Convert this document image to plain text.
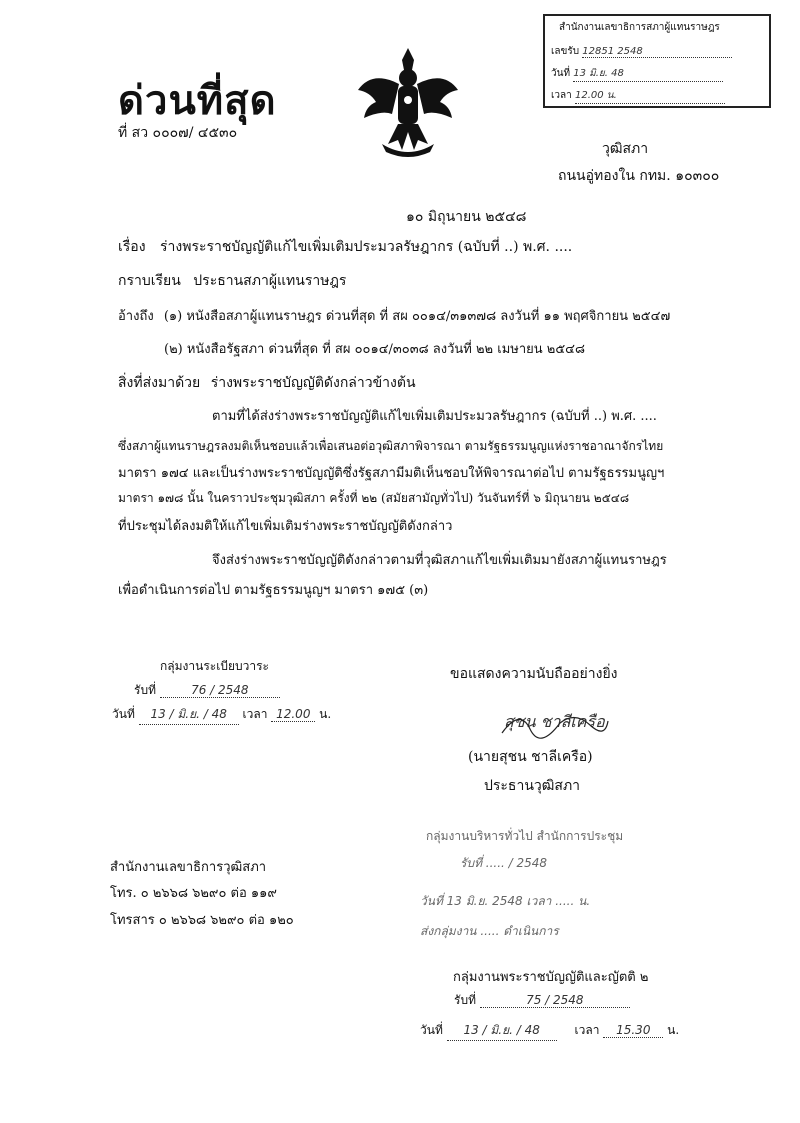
ด่วนที่สุด
ที่ สว ๐๐๐๗/ ๔๕๓๐
สำนักงานเลขาธิการสภาผู้แทนราษฎร
เลขรับ 12851 2548
วันที่ 13 มิ.ย. 48
เวลา 12.00 น.
วุฒิสภา
ถนนอู่ทองใน กทม. ๑๐๓๐๐
๑๐ มิถุนายน ๒๕๔๘
เรื่อง ร่างพระราชบัญญัติแก้ไขเพิ่มเติมประมวลรัษฎากร (ฉบับที่ ..) พ.ศ. ....
กราบเรียน ประธานสภาผู้แทนราษฎร
อ้างถึง (๑) หนังสือสภาผู้แทนราษฎร ด่วนที่สุด ที่ สผ ๐๐๑๔/๓๑๓๗๘ ลงวันที่ ๑๑ พฤศจิกายน ๒๕๔๗
(๒) หนังสือรัฐสภา ด่วนที่สุด ที่ สผ ๐๐๑๔/๓๐๓๘ ลงวันที่ ๒๒ เมษายน ๒๕๔๘
สิ่งที่ส่งมาด้วย ร่างพระราชบัญญัติดังกล่าวข้างต้น
ตามที่ได้ส่งร่างพระราชบัญญัติแก้ไขเพิ่มเติมประมวลรัษฎากร (ฉบับที่ ..) พ.ศ. ....
ซึ่งสภาผู้แทนราษฎรลงมติเห็นชอบแล้วเพื่อเสนอต่อวุฒิสภาพิจารณา ตามรัฐธรรมนูญแห่งราชอาณาจักรไทย
มาตรา ๑๗๔ และเป็นร่างพระราชบัญญัติซึ่งรัฐสภามีมติเห็นชอบให้พิจารณาต่อไป ตามรัฐธรรมนูญฯ
มาตรา ๑๗๘ นั้น ในคราวประชุมวุฒิสภา ครั้งที่ ๒๒ (สมัยสามัญทั่วไป) วันจันทร์ที่ ๖ มิถุนายน ๒๕๔๘
ที่ประชุมได้ลงมติให้แก้ไขเพิ่มเติมร่างพระราชบัญญัติดังกล่าว
จึงส่งร่างพระราชบัญญัติดังกล่าวตามที่วุฒิสภาแก้ไขเพิ่มเติมมายังสภาผู้แทนราษฎร
เพื่อดำเนินการต่อไป ตามรัฐธรรมนูญฯ มาตรา ๑๗๕ (๓)
กลุ่มงานระเบียบวาระ
รับที่	76 / 2548
วันที่ 13 / มิ.ย. / 48 เวลา 12.00 น.
ขอแสดงความนับถืออย่างยิ่ง
สุชน ชาลีเครือ
(นายสุชน ชาลีเครือ)
ประธานวุฒิสภา
สำนักงานเลขาธิการวุฒิสภา
โทร. ๐ ๒๖๖๘ ๖๒๙๐ ต่อ ๑๑๙
โทรสาร ๐ ๒๖๖๘ ๖๒๙๐ ต่อ ๑๒๐
กลุ่มงานบริหารทั่วไป สำนักการประชุม
รับที่ ..... / 2548
วันที่ 13 มิ.ย. 2548 เวลา ..... น.
ส่งกลุ่มงาน ..... ดำเนินการ
กลุ่มงานพระราชบัญญัติและญัตติ ๒
รับที่	75 / 2548
วันที่ 13 / มิ.ย. / 48	เวลา 15.30 น.
